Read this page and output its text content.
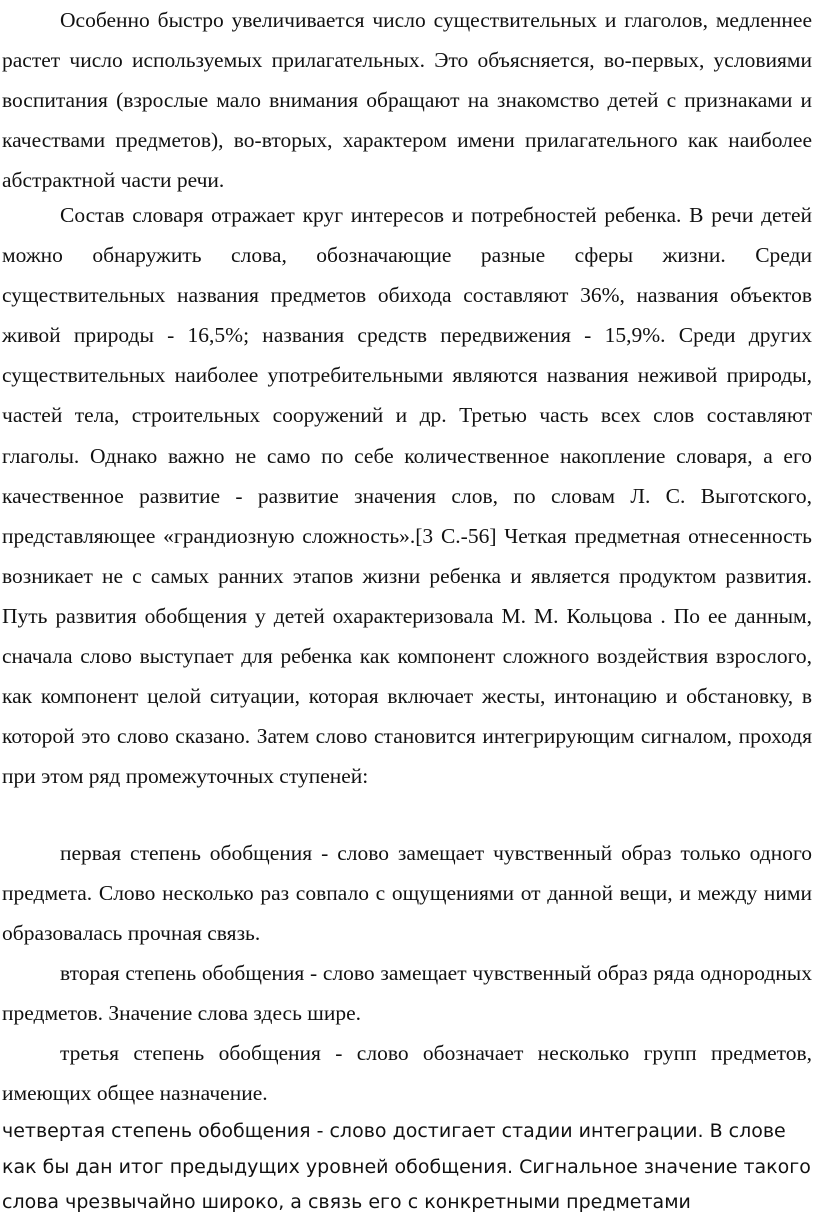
Особенно быстро увеличивается число существительных и глаголов, медленнее растет число используемых прилагательных. Это объясняется, во-первых, условиями воспитания (взрослые мало внимания обращают на знакомство детей с признаками и качествами предметов), во-вторых, характером имени прилагательного как наиболее абстрактной части речи.

Состав словаря отражает круг интересов и потребностей ребенка. В речи детей можно обнаружить слова, обозначающие разные сферы жизни. Среди существительных названия предметов обихода составляют 36%, названия объектов живой природы - 16,5%; названия средств передвижения - 15,9%. Среди других существительных наиболее употребительными являются названия неживой природы, частей тела, строительных сооружений и др. Третью часть всех слов составляют глаголы. Однако важно не само по себе количественное накопление словаря, а его качественное развитие - развитие значения слов, по словам Л. С. Выготского, представляющее «грандиозную сложность».[3 С.-56] Четкая предметная отнесенность возникает не с самых ранних этапов жизни ребенка и является продуктом развития. Путь развития обобщения у детей охарактеризовала М. М. Кольцова . По ее данным, сначала слово выступает для ребенка как компонент сложного воздействия взрослого, как компонент целой ситуации, которая включает жесты, интонацию и обстановку, в которой это слово сказано. Затем слово становится интегрирующим сигналом, проходя при этом ряд промежуточных ступеней:

первая степень обобщения - слово замещает чувственный образ только одного предмета. Слово несколько раз совпало с ощущениями от данной вещи, и между ними образовалась прочная связь.

вторая степень обобщения - слово замещает чувственный образ ряда однородных предметов. Значение слова здесь шире.

третья степень обобщения - слово обозначает несколько групп предметов, имеющих общее назначение.

четвертая степень обобщения - слово достигает стадии интеграции. В слове как бы дан итог предыдущих уровней обобщения. Сигнальное значение такого слова чрезвычайно широко, а связь его с конкретными предметами
